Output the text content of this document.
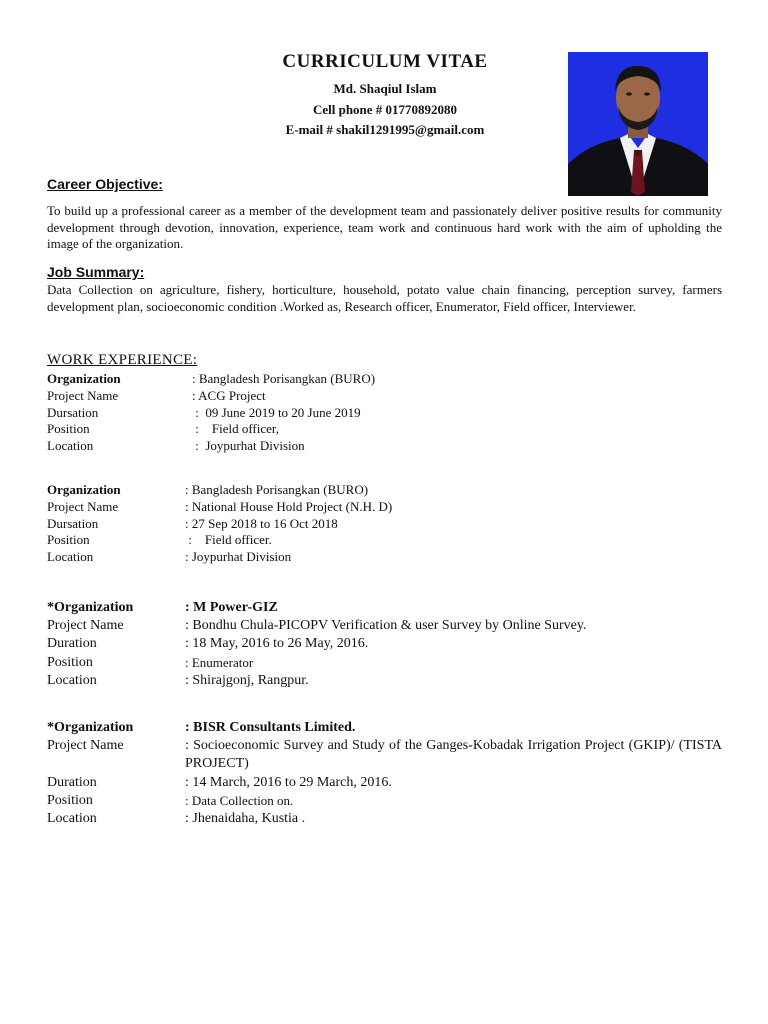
CURRICULUM VITAE
Md. Shaqiul Islam
Cell phone # 01770892080
E-mail # shakil1291995@gmail.com
Career Objective:
To build up a professional career as a member of the development team and passionately deliver positive results for community development through devotion, innovation, experience, team work and continuous hard work with the aim of upholding the image of the organization.
Job Summary:
Data Collection on agriculture, fishery, horticulture, household, potato value chain financing, perception survey, farmers development plan, socioeconomic condition .Worked as, Research officer, Enumerator, Field officer, Interviewer.
WORK EXPERIENCE:
Organization	: Bangladesh Porisangkan (BURO)
Project Name	: ACG Project
Dursation	:  09 June 2019 to 20 June 2019
Position	:    Field officer,
Location	:  Joypurhat Division
Organization	: Bangladesh Porisangkan (BURO)
Project Name	: National House Hold Project (N.H. D)
Dursation	: 27 Sep 2018 to 16 Oct 2018
Position	:    Field officer.
Location	: Joypurhat Division
*Organization	: M Power-GIZ
Project Name	: Bondhu Chula-PICOPV Verification & user Survey by Online Survey.
Duration	: 18 May, 2016 to 26 May, 2016.
Position	: Enumerator
Location	: Shirajgonj, Rangpur.
*Organization	: BISR Consultants Limited.
Project Name	: Socioeconomic Survey and Study of the Ganges-Kobadak Irrigation Project (GKIP)/ (TISTA PROJECT)
Duration	: 14 March, 2016 to 29 March, 2016.
Position	: Data Collection on.
Location	: Jhenaidaha, Kustia .
